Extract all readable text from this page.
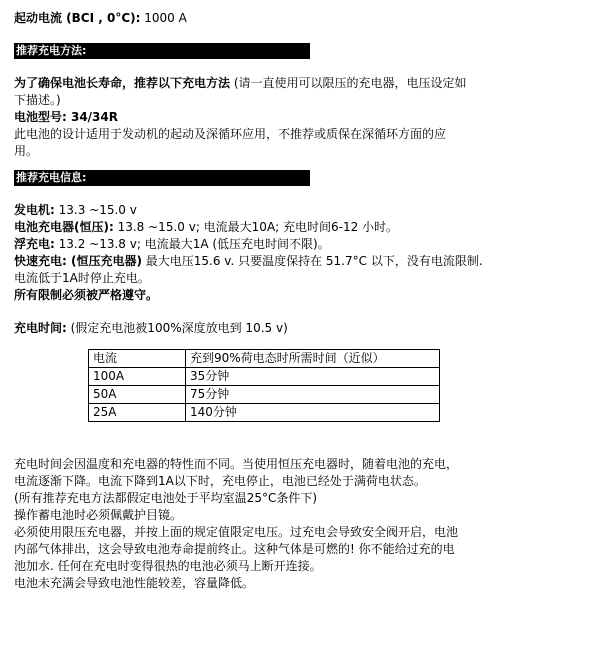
起动电流 (BCI , 0°C): 1000 A
推荐充电方法:
为了确保电池长寿命，推荐以下充电方法 (请一直使用可以限压的充电器，电压设定如
下描述。)
电池型号: 34/34R
此电池的设计适用于发动机的起动及深循环应用，不推荐或质保在深循环方面的应
用。
推荐充电信息:
发电机: 13.3 ~15.0 v
电池充电器(恒压): 13.8 ~15.0 v; 电流最大10A; 充电时间6-12 小时。
浮充电: 13.2 ~13.8 v; 电流最大1A (低压充电时间不限)。
快速充电: (恒压充电器) 最大电压15.6 v. 只要温度保持在 51.7°C 以下，没有电流限制.
电流低于1A时停止充电。
所有限制必须被严格遵守。
充电时间: (假定充电池被100%深度放电到 10.5 v)
电流	充到90%荷电态时所需时间（近似）
100A	35分钟
50A	75分钟
25A	140分钟
充电时间会因温度和充电器的特性而不同。当使用恒压充电器时，随着电池的充电，
电流逐渐下降。电流下降到1A以下时，充电停止，电池已经处于满荷电状态。
(所有推荐充电方法都假定电池处于平均室温25°C条件下)
操作蓄电池时必须佩戴护目镜。
必须使用限压充电器，并按上面的规定值限定电压。过充电会导致安全阀开启，电池
内部气体排出，这会导致电池寿命提前终止。这种气体是可燃的! 你不能给过充的电
池加水. 任何在充电时变得很热的电池必须马上断开连接。
电池未充满会导致电池性能较差，容量降低。
